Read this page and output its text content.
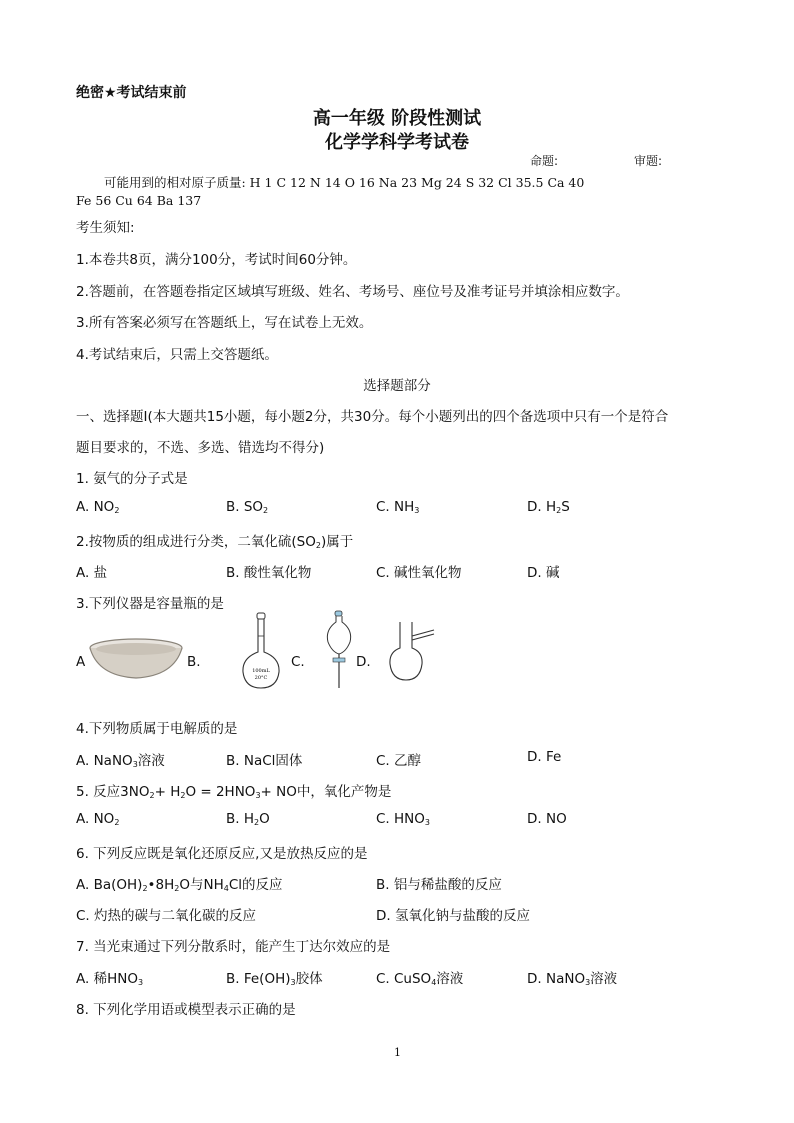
绝密★考试结束前
高一年级 阶段性测试
化学学科学考试卷
命题:	审题:
可能用到的相对原子质量: H 1 C 12 N 14 O 16 Na 23 Mg 24 S 32 Cl 35.5 Ca 40
Fe 56 Cu 64 Ba 137
考生须知:
1.本卷共8页，满分100分，考试时间60分钟。
2.答题前，在答题卷指定区域填写班级、姓名、考场号、座位号及准考证号并填涂相应数字。
3.所有答案必须写在答题纸上，写在试卷上无效。
4.考试结束后，只需上交答题纸。
选择题部分
一、选择题Ⅰ(本大题共15小题，每小题2分，共30分。每个小题列出的四个备选项中只有一个是符合
题目要求的，不选、多选、错选均不得分)
1. 氨气的分子式是
A. $NO_2$	B. $SO_2$	C. $NH_3$	D. $H_2S$
2.按物质的组成进行分类，二氧化硫$(SO_2)$属于
A. 盐	B. 酸性氧化物	C. 碱性氧化物	D. 碱
3.下列仪器是容量瓶的是
A	B.
100mL
20°C
C.	D.
4.下列物质属于电解质的是
A. NaNO$_3$溶液	B. NaCl固体	C. 乙醇	D. Fe
5. 反应$3NO_2+ H_2O = 2HNO_3+$ NO中，氧化产物是
A. $NO_2$	B. $H_2O$	C. $HNO_3$	D. NO
6. 下列反应既是氧化还原反应,又是放热反应的是
A. $Ba(OH)_2•8H_2O$与$NH_4Cl$的反应	B. 铝与稀盐酸的反应
C. 灼热的碳与二氧化碳的反应	D. 氢氧化钠与盐酸的反应
7. 当光束通过下列分散系时，能产生丁达尔效应的是
A. 稀$HNO_3$	B. $Fe(OH)_3$胶体	C. CuSO$_4$溶液	D. NaNO$_3$溶液
8. 下列化学用语或模型表示正确的是
1
